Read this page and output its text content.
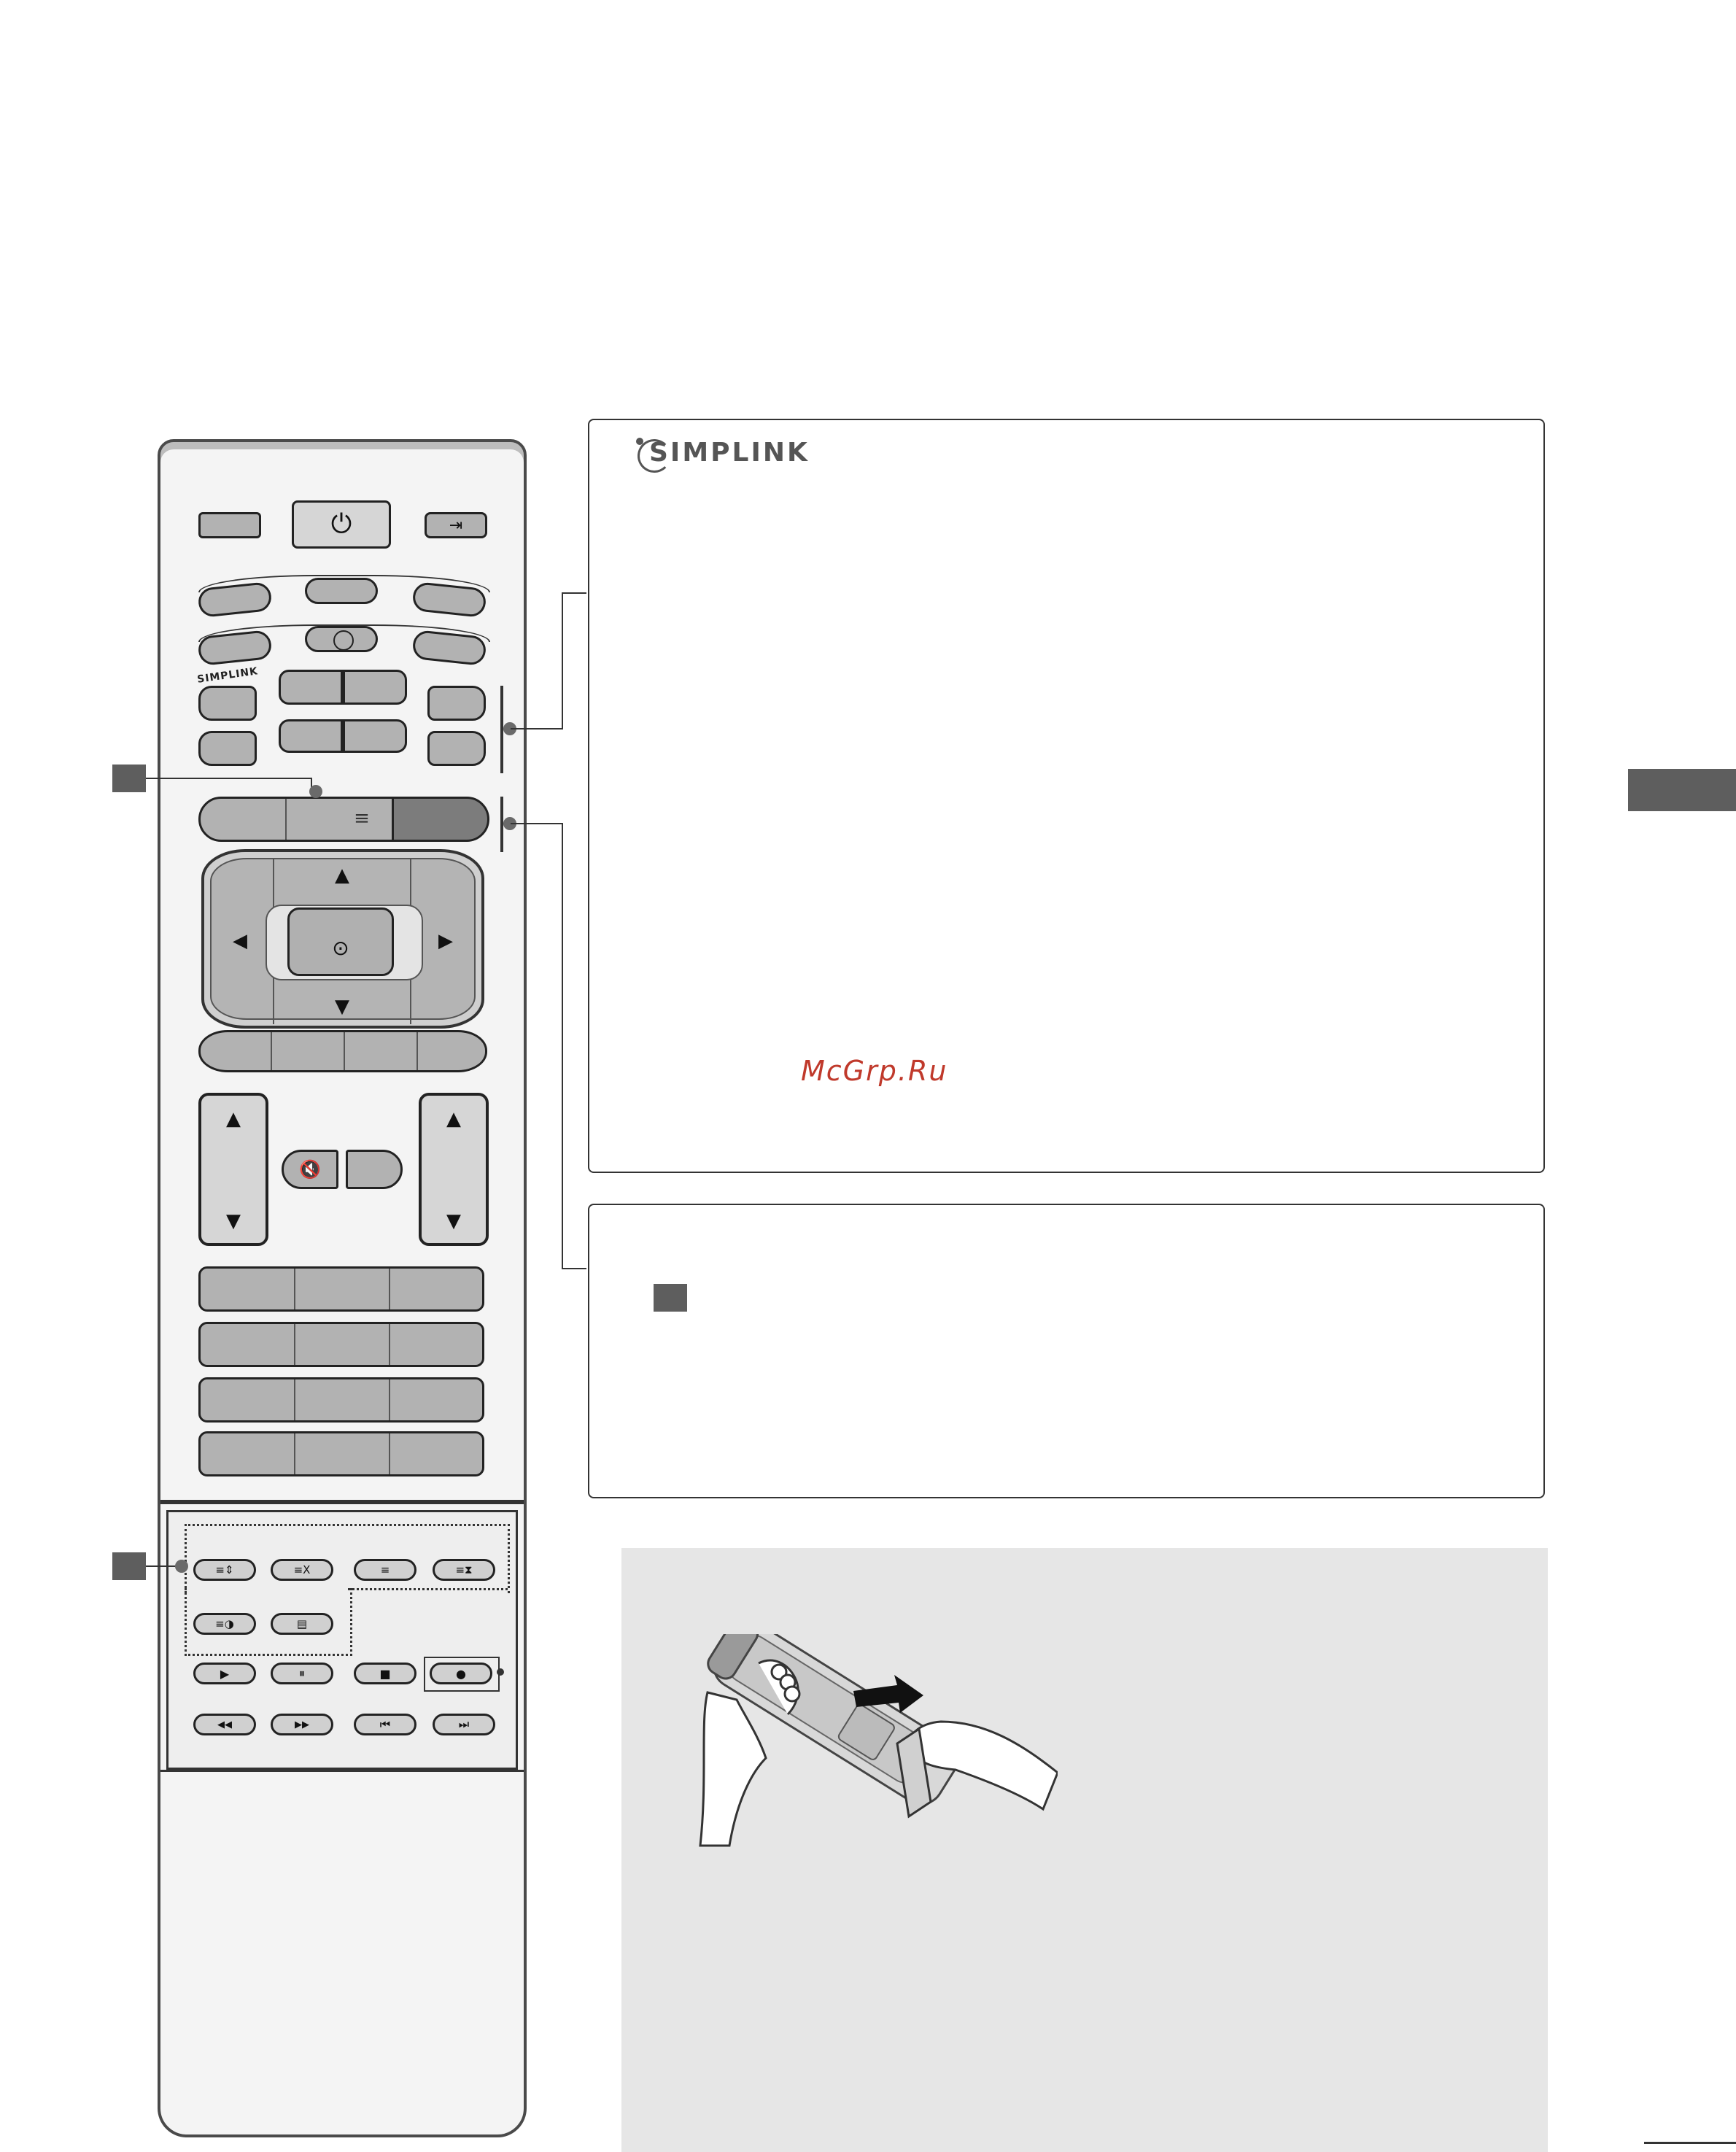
⏻	⇥
SIMPLINK
≡
▲
▼
◀	▶
⊙
▲
▼
▲
▼
🔇
≡⇕	≡X	≡	≡⧗
≡◑	▤
▶	⏸	■	●
◀◀	▶▶	⏮	⏭
SIMPLINK
McGrp.Ru
